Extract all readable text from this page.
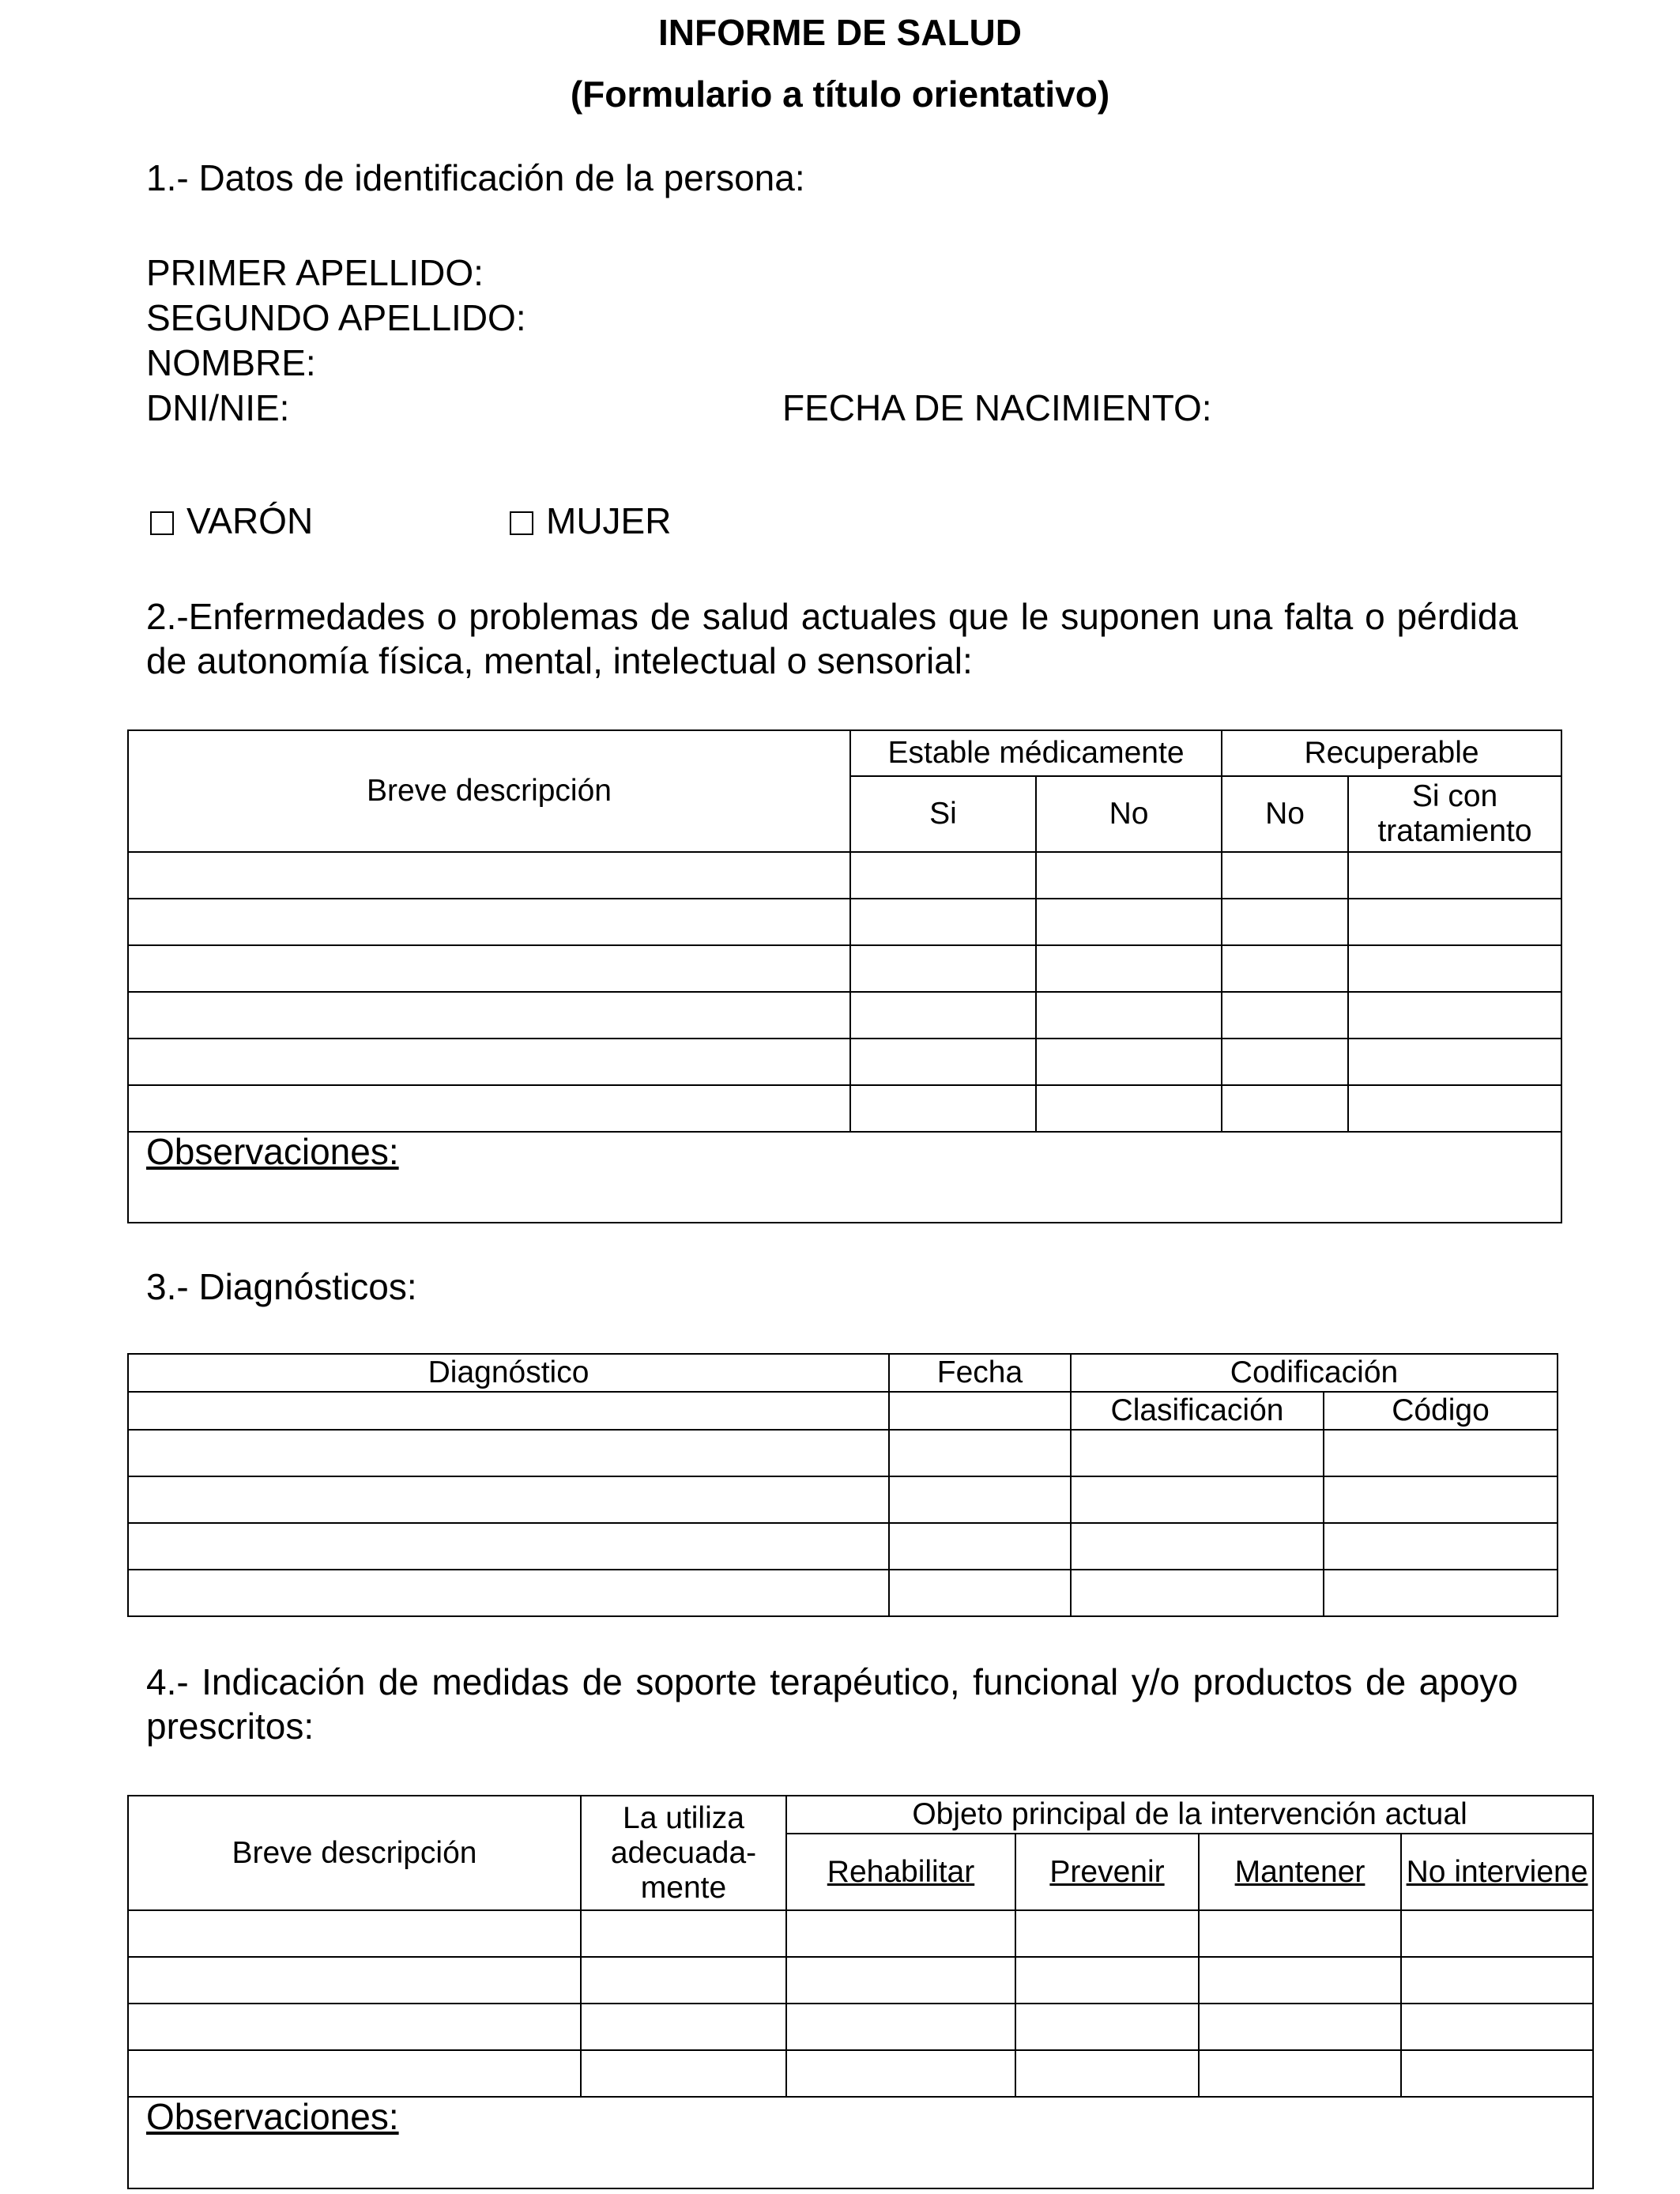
INFORME DE SALUD
(Formulario a título orientativo)
1.- Datos de identificación de la persona:
PRIMER APELLIDO:
SEGUNDO APELLIDO:
NOMBRE:
DNI/NIE:	FECHA DE NACIMIENTO:
VARÓN	MUJER
2.-Enfermedades o problemas de salud actuales que le suponen una falta o pérdida de autonomía física, mental, intelectual o sensorial:
Breve descripción	Estable médicamente		Recuperable	
	Si	No	No	Si con tratamiento

Observaciones:				
3.- Diagnósticos:
Diagnóstico	Fecha	Codificación	
		Clasificación	Código

4.- Indicación de medidas de soporte terapéutico, funcional y/o productos de apoyo prescritos:
Breve descripción	La utiliza adecuada-mente	Objeto principal de la intervención actual			
		Rehabilitar	Prevenir	Mantener	No interviene

Observaciones:					
